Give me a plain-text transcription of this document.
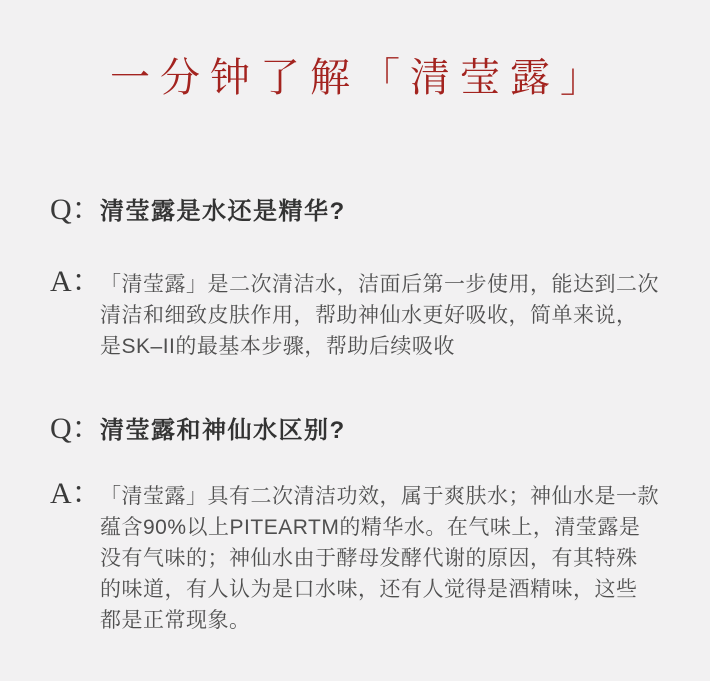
一分钟了解「清莹露」
Q：
清莹露是水还是精华?
A：
「清莹露」是二次清洁水，洁面后第一步使用，能达到二次
清洁和细致皮肤作用，帮助神仙水更好吸收，简单来说，
是SK–II的最基本步骤，帮助后续吸收
Q：
清莹露和神仙水区别?
A：
「清莹露」具有二次清洁功效，属于爽肤水；神仙水是一款
蕴含90%以上PITEARTM的精华水。在气味上，清莹露是
没有气味的；神仙水由于酵母发酵代谢的原因，有其特殊
的味道，有人认为是口水味，还有人觉得是酒精味，这些
都是正常现象。
